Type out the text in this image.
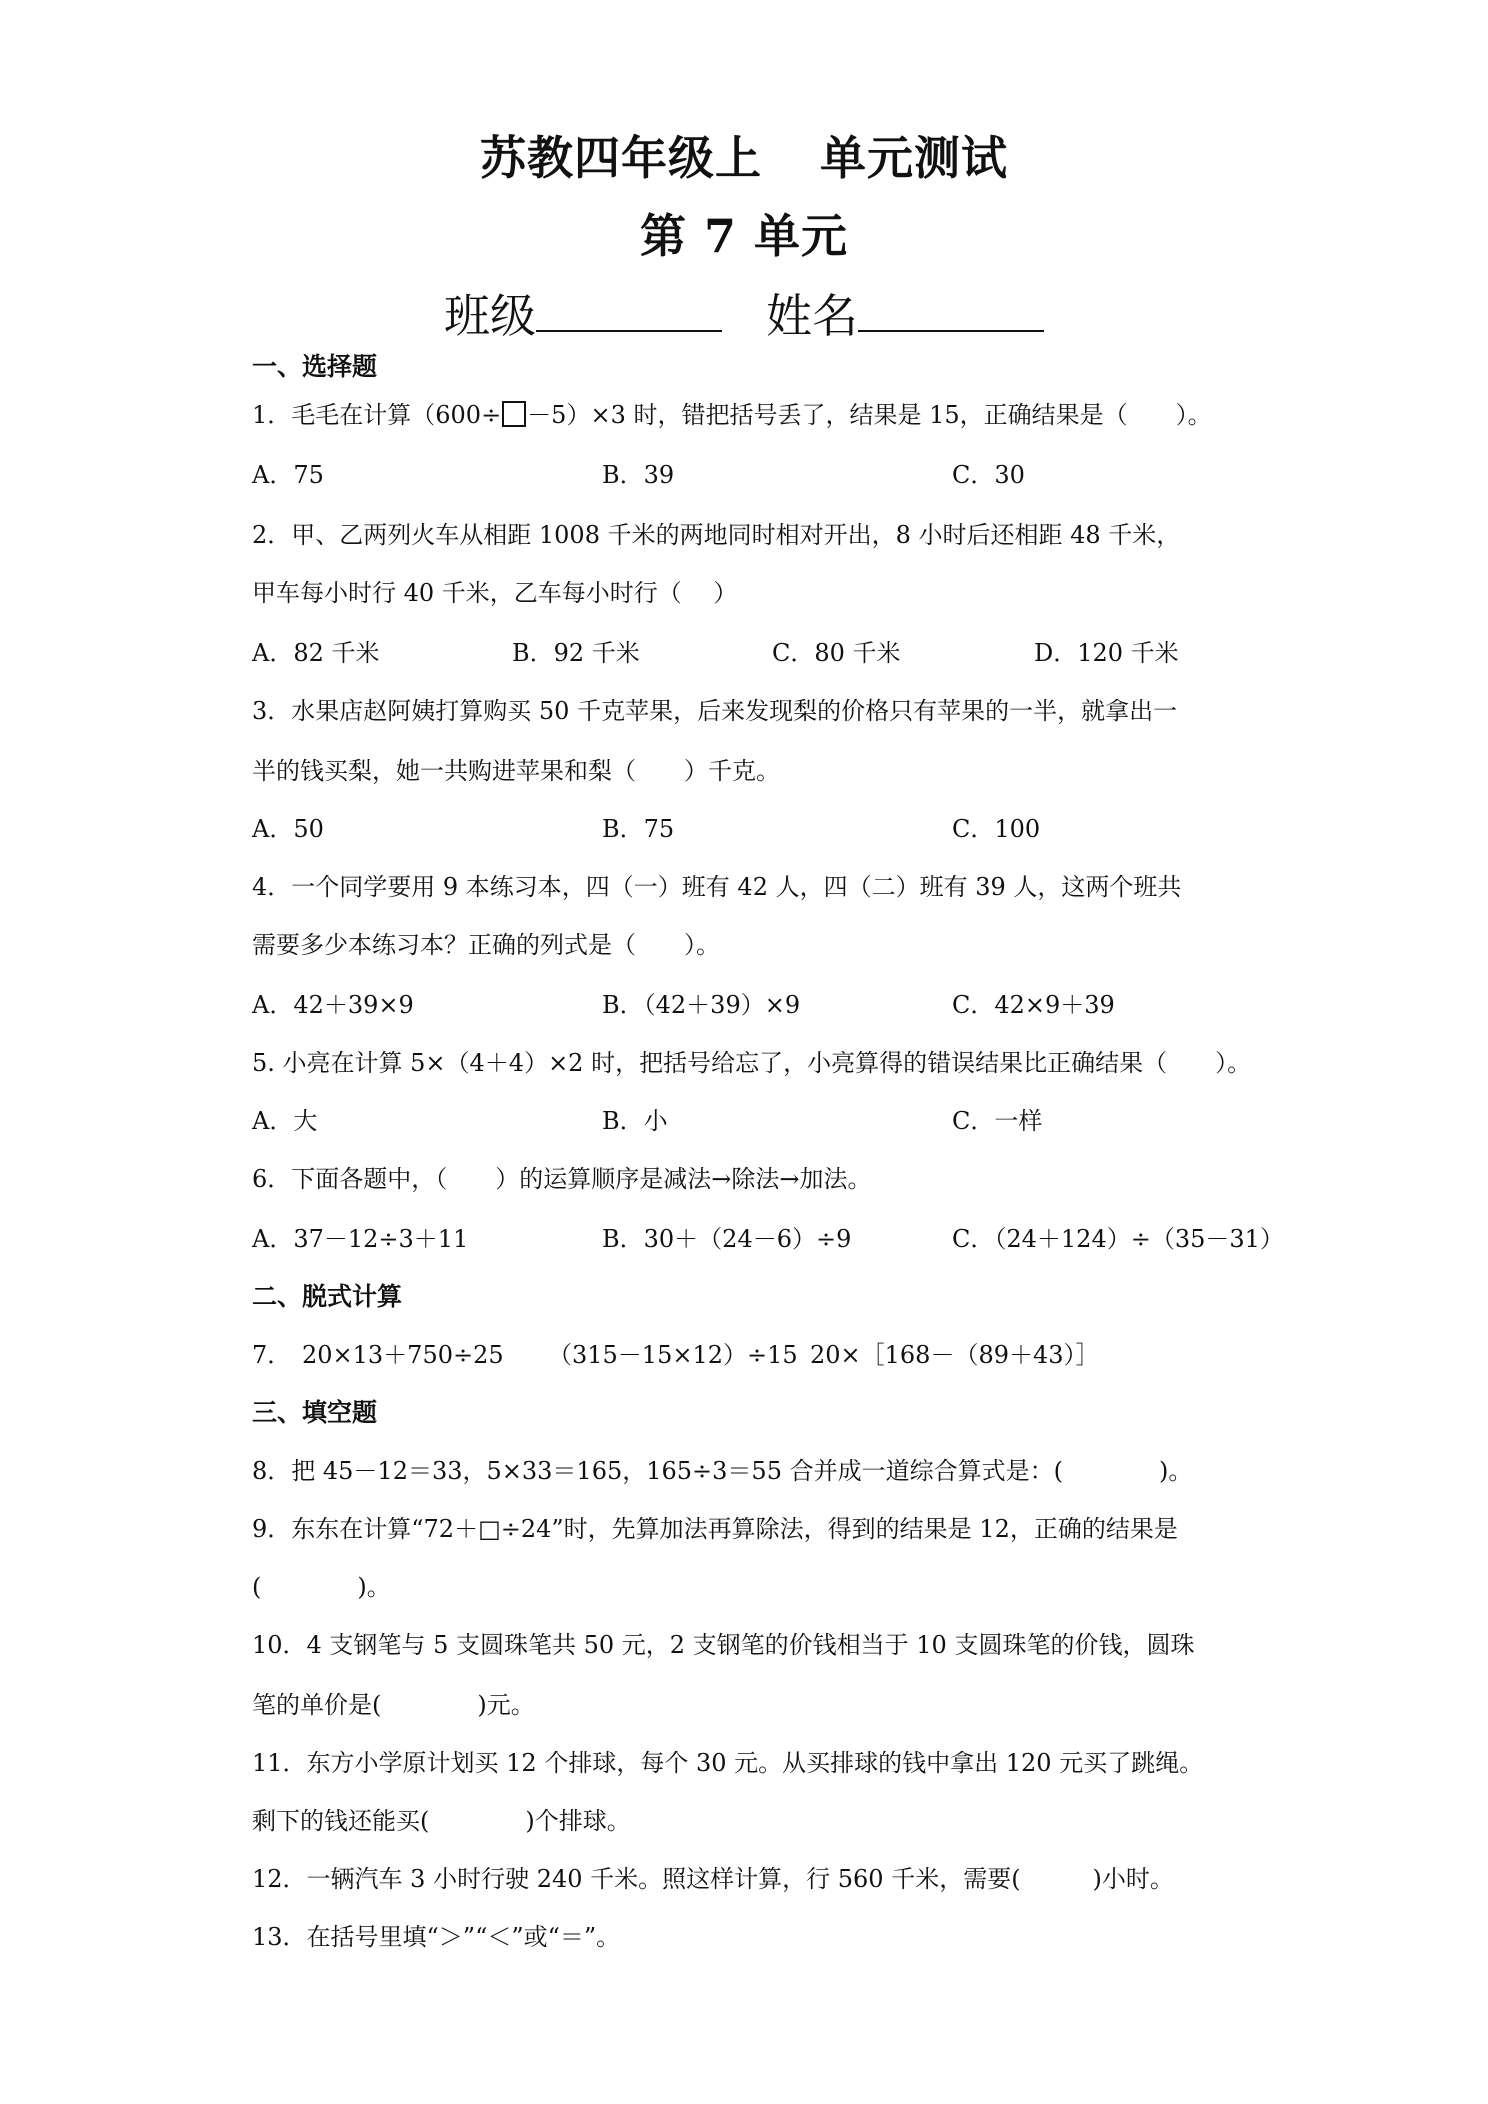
苏教四年级上 单元测试
第 7 单元
班级	姓名
一、选择题
1．毛毛在计算（600÷ －5）×3 时，错把括号丢了，结果是 15，正确结果是（　　）。
A．75	B．39	C．30
2．甲、乙两列火车从相距 1008 千米的两地同时相对开出，8 小时后还相距 48 千米，
甲车每小时行 40 千米，乙车每小时行（　 ）
A．82 千米	B．92 千米	C．80 千米	D．120 千米
3．水果店赵阿姨打算购买 50 千克苹果，后来发现梨的价格只有苹果的一半，就拿出一
半的钱买梨，她一共购进苹果和梨（　　）千克。
A．50	B．75	C．100
4．一个同学要用 9 本练习本，四（一）班有 42 人，四（二）班有 39 人，这两个班共
需要多少本练习本？正确的列式是（　　）。
A．42＋39×9	B．（42＋39）×9	C．42×9＋39
5. 小亮在计算 5×（4＋4）×2 时，把括号给忘了，小亮算得的错误结果比正确结果（　　）。
A．大	B．小	C．一样
6．下面各题中，（　　）的运算顺序是减法→除法→加法。
A．37－12÷3＋11	B．30＋（24－6）÷9	C．（24＋124）÷（35－31）
二、脱式计算
7． 20×13＋750÷25 （315－15×12）÷15 20×［168－（89＋43）］
三、填空题
8．把 45－12＝33，5×33＝165，165÷3＝55 合并成一道综合算式是：(　　　　)。
9．东东在计算“72＋□÷24”时，先算加法再算除法，得到的结果是 12，正确的结果是
(　　　　)。
10．4 支钢笔与 5 支圆珠笔共 50 元，2 支钢笔的价钱相当于 10 支圆珠笔的价钱，圆珠
笔的单价是(　　　　)元。
11．东方小学原计划买 12 个排球，每个 30 元。从买排球的钱中拿出 120 元买了跳绳。
剩下的钱还能买(　　　　)个排球。
12．一辆汽车 3 小时行驶 240 千米。照这样计算，行 560 千米，需要(　　　)小时。
13．在括号里填“＞”“＜”或“＝”。
